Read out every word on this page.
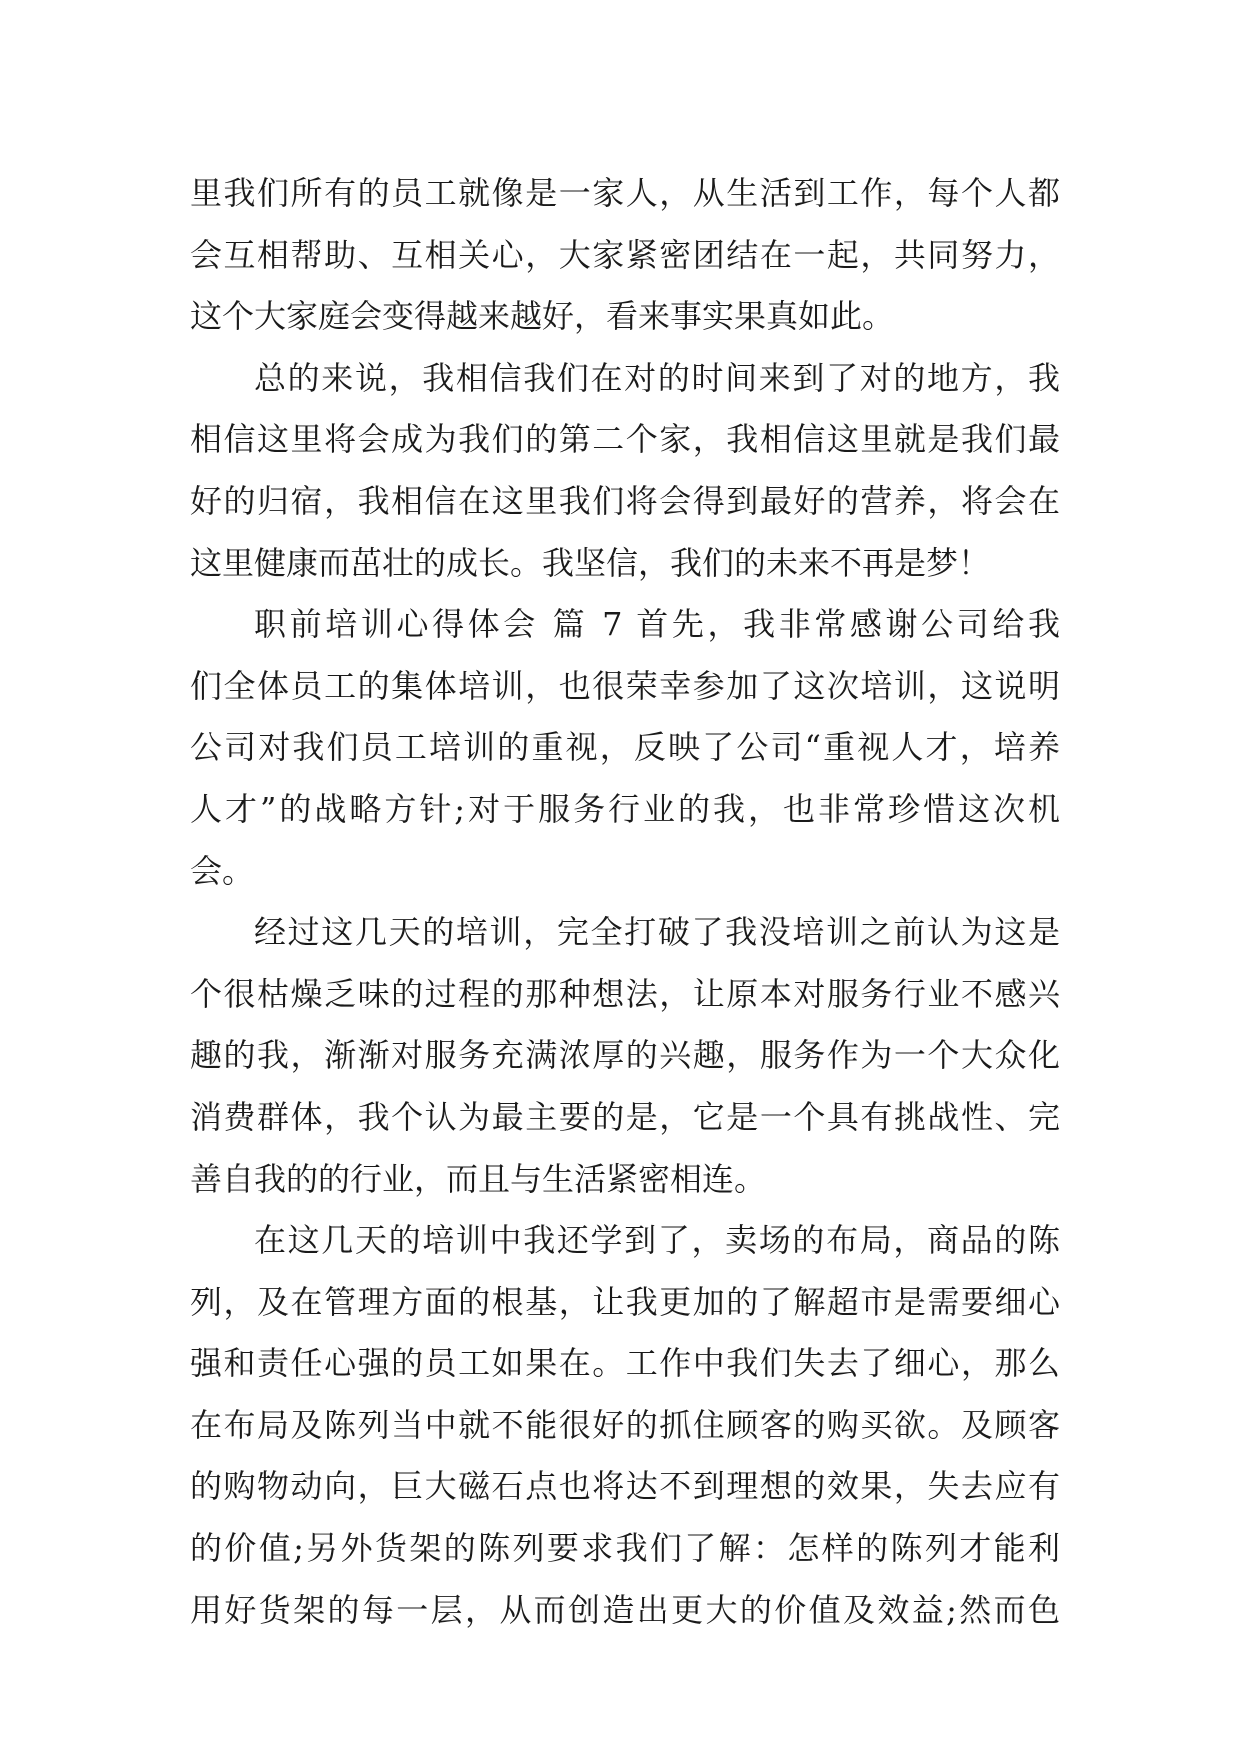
里我们所有的员工就像是一家人，从生活到工作，每个人都
会互相帮助、互相关心，大家紧密团结在一起，共同努力，
这个大家庭会变得越来越好，看来事实果真如此。
总的来说，我相信我们在对的时间来到了对的地方，我
相信这里将会成为我们的第二个家，我相信这里就是我们最
好的归宿，我相信在这里我们将会得到最好的营养，将会在
这里健康而茁壮的成长。我坚信，我们的未来不再是梦！
职前培训心得体会 篇 7 首先，我非常感谢公司给我
们全体员工的集体培训，也很荣幸参加了这次培训，这说明
公司对我们员工培训的重视，反映了公司“重视人才，培养
人才”的战略方针;对于服务行业的我，也非常珍惜这次机
会。
经过这几天的培训，完全打破了我没培训之前认为这是
个很枯燥乏味的过程的那种想法，让原本对服务行业不感兴
趣的我，渐渐对服务充满浓厚的兴趣，服务作为一个大众化
消费群体，我个认为最主要的是，它是一个具有挑战性、完
善自我的的行业，而且与生活紧密相连。
在这几天的培训中我还学到了，卖场的布局，商品的陈
列，及在管理方面的根基，让我更加的了解超市是需要细心
强和责任心强的员工如果在。工作中我们失去了细心，那么
在布局及陈列当中就不能很好的抓住顾客的购买欲。及顾客
的购物动向，巨大磁石点也将达不到理想的效果，失去应有
的价值;另外货架的陈列要求我们了解：怎样的陈列才能利
用好货架的每一层，从而创造出更大的价值及效益;然而色
